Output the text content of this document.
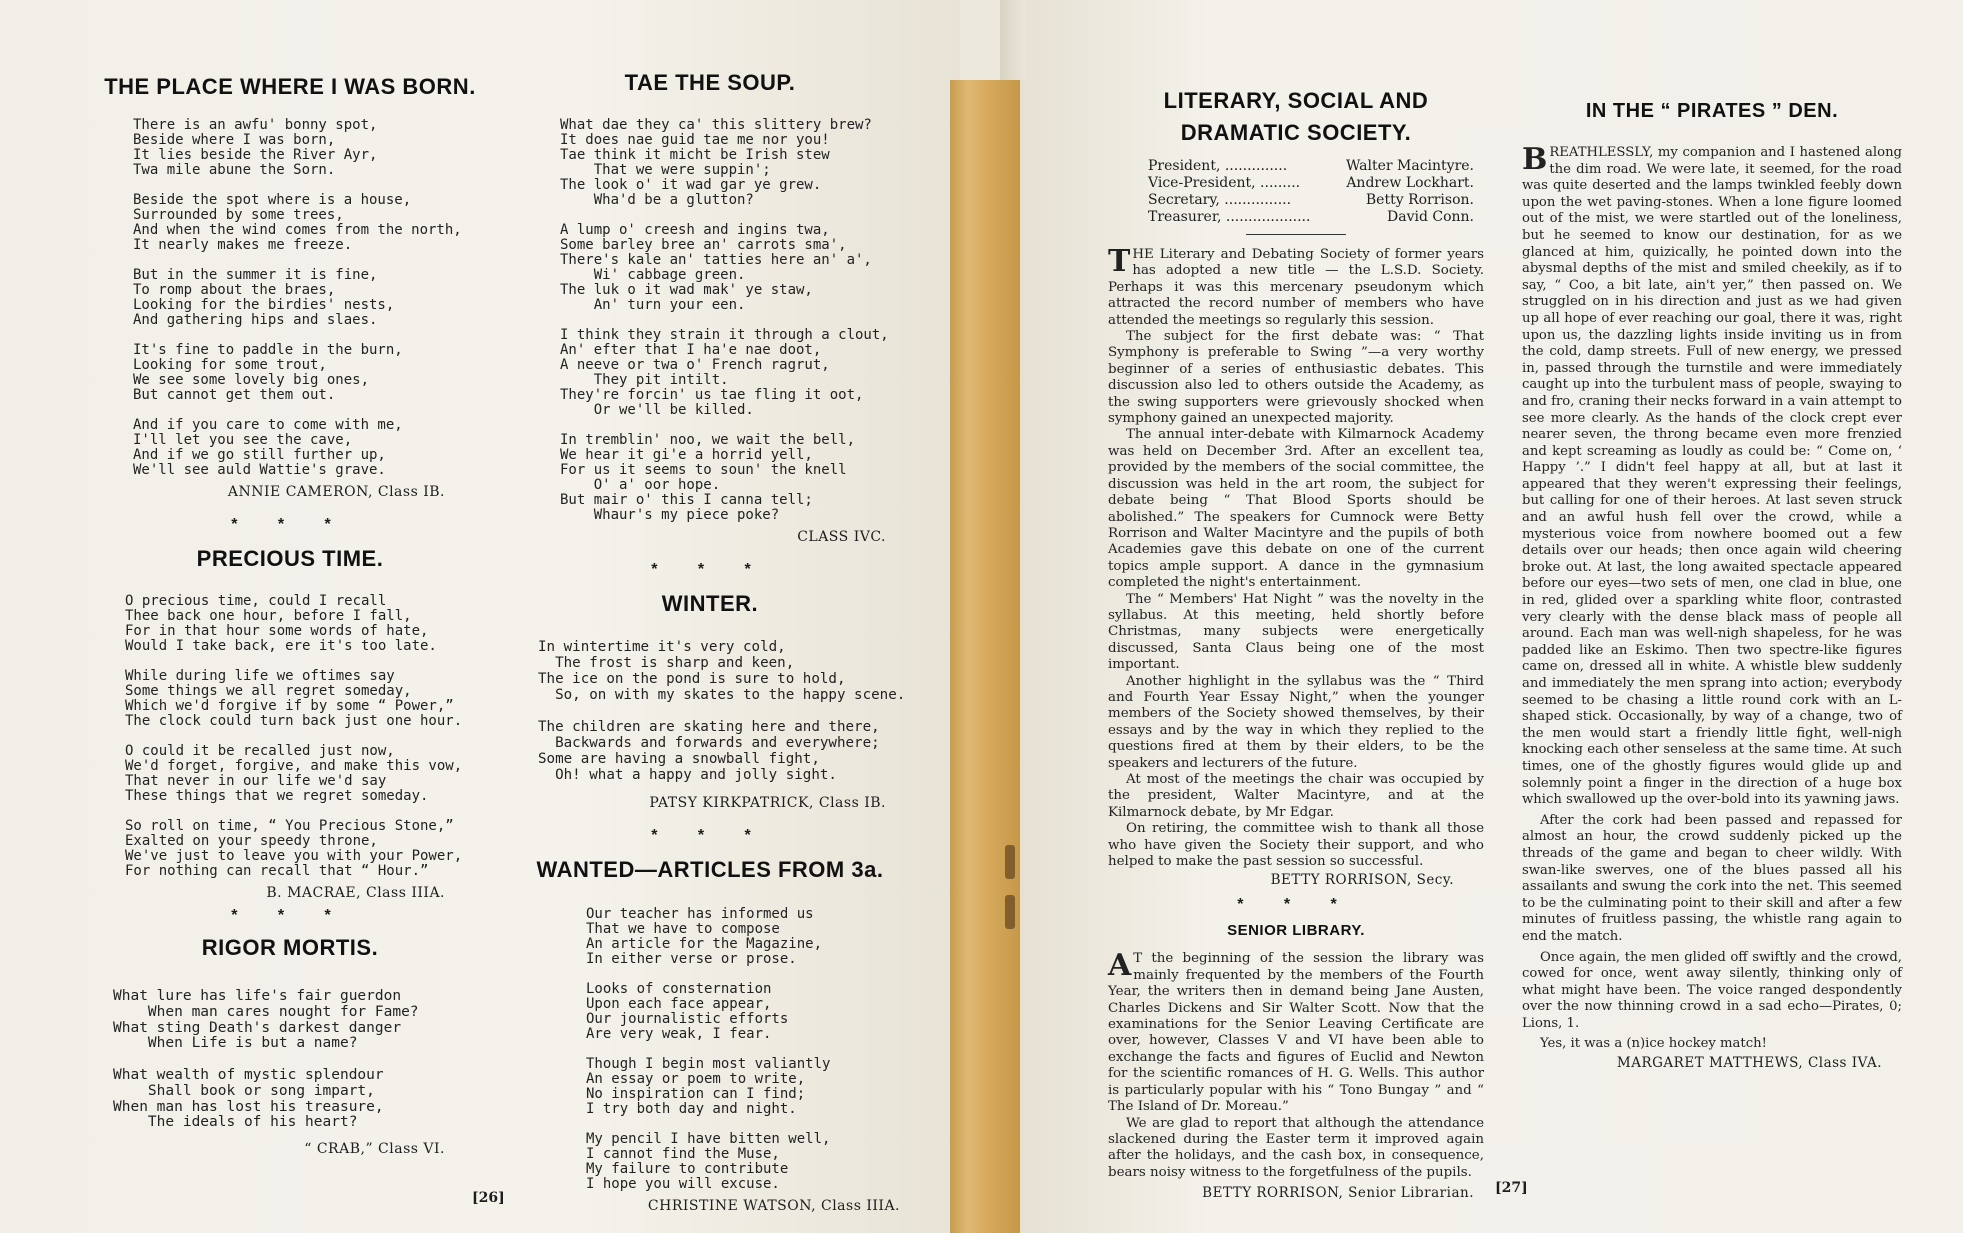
THE PLACE WHERE I WAS BORN.
There is an awfu' bonny spot,
Beside where I was born,
It lies beside the River Ayr,
Twa mile abune the Sorn.

Beside the spot where is a house,
Surrounded by some trees,
And when the wind comes from the north,
It nearly makes me freeze.

But in the summer it is fine,
To romp about the braes,
Looking for the birdies' nests,
And gathering hips and slaes.

It's fine to paddle in the burn,
Looking for some trout,
We see some lovely big ones,
But cannot get them out.

And if you care to come with me,
I'll let you see the cave,
And if we go still further up,
We'll see auld Wattie's grave.
ANNIE CAMERON, Class IB.
* * *
PRECIOUS TIME.
O precious time, could I recall
Thee back one hour, before I fall,
For in that hour some words of hate,
Would I take back, ere it's too late.

While during life we oftimes say
Some things we all regret someday,
Which we'd forgive if by some “ Power,”
The clock could turn back just one hour.

O could it be recalled just now,
We'd forget, forgive, and make this vow,
That never in our life we'd say
These things that we regret someday.

So roll on time, “ You Precious Stone,”
Exalted on your speedy throne,
We've just to leave you with your Power,
For nothing can recall that “ Hour.”
B. MACRAE, Class IIIA.
* * *
RIGOR MORTIS.
What lure has life's fair guerdon
When man cares nought for Fame?
What sting Death's darkest danger
When Life is but a name?

What wealth of mystic splendour
Shall book or song impart,
When man has lost his treasure,
The ideals of his heart?
“ CRAB,” Class VI.
TAE THE SOUP.
What dae they ca' this slittery brew?
It does nae guid tae me nor you!
Tae think it micht be Irish stew
That we were suppin';
The look o' it wad gar ye grew.
Wha'd be a glutton?

A lump o' creesh and ingins twa,
Some barley bree an' carrots sma',
There's kale an' tatties here an' a',
Wi' cabbage green.
The luk o it wad mak' ye staw,
An' turn your een.

I think they strain it through a clout,
An' efter that I ha'e nae doot,
A neeve or twa o' French ragrut,
They pit intilt.
They're forcin' us tae fling it oot,
Or we'll be killed.

In tremblin' noo, we wait the bell,
We hear it gi'e a horrid yell,
For us it seems to soun' the knell
O' a' oor hope.
But mair o' this I canna tell;
Whaur's my piece poke?
CLASS IVC.
* * *
WINTER.
In wintertime it's very cold,
The frost is sharp and keen,
The ice on the pond is sure to hold,
So, on with my skates to the happy scene.

The children are skating here and there,
Backwards and forwards and everywhere;
Some are having a snowball fight,
Oh! what a happy and jolly sight.
PATSY KIRKPATRICK, Class IB.
* * *
WANTED—ARTICLES FROM 3a.
Our teacher has informed us
That we have to compose
An article for the Magazine,
In either verse or prose.

Looks of consternation
Upon each face appear,
Our journalistic efforts
Are very weak, I fear.

Though I begin most valiantly
An essay or poem to write,
No inspiration can I find;
I try both day and night.

My pencil I have bitten well,
I cannot find the Muse,
My failure to contribute
I hope you will excuse.
CHRISTINE WATSON, Class IIIA.
[26]
LITERARY, SOCIAL AND
DRAMATIC SOCIETY.
President, ..............	Walter Macintyre.
Vice-President, .........	Andrew Lockhart.
Secretary, ...............	Betty Rorrison.
Treasurer, ...................	David Conn.

THE Literary and Debating Society of former years has adopted a new title — the L.S.D. Society. Perhaps it was this mercenary pseudonym which attracted the record number of members who have attended the meetings so regularly this session.

The subject for the first debate was: “ That Symphony is preferable to Swing ”—a very worthy beginner of a series of enthusiastic debates. This discussion also led to others outside the Academy, as the swing supporters were grievously shocked when symphony gained an unexpected majority.

The annual inter-debate with Kilmarnock Academy was held on December 3rd. After an excellent tea, provided by the members of the social committee, the discussion was held in the art room, the subject for debate being “ That Blood Sports should be abolished.” The speakers for Cumnock were Betty Rorrison and Walter Macintyre and the pupils of both Academies gave this debate on one of the current topics ample support. A dance in the gymnasium completed the night's entertainment.

The “ Members' Hat Night ” was the novelty in the syllabus. At this meeting, held shortly before Christmas, many subjects were energetically discussed, Santa Claus being one of the most important.

Another highlight in the syllabus was the “ Third and Fourth Year Essay Night,” when the younger members of the Society showed themselves, by their essays and by the way in which they replied to the questions fired at them by their elders, to be the speakers and lecturers of the future.

At most of the meetings the chair was occupied by the president, Walter Macintyre, and at the Kilmarnock debate, by Mr Edgar.

On retiring, the committee wish to thank all those who have given the Society their support, and who helped to make the past session so successful.

BETTY RORRISON, Secy.
* * *
SENIOR LIBRARY.

A T the beginning of the session the library was mainly frequented by the members of the Fourth Year, the writers then in demand being Jane Austen, Charles Dickens and Sir Walter Scott. Now that the examinations for the Senior Leaving Certificate are over, however, Classes V and VI have been able to exchange the facts and figures of Euclid and Newton for the scientific romances of H. G. Wells. This author is particularly popular with his “ Tono Bungay ” and “ The Island of Dr. Moreau.”

We are glad to report that although the attendance slackened during the Easter term it improved again after the holidays, and the cash box, in consequence, bears noisy witness to the forgetfulness of the pupils.

BETTY RORRISON, Senior Librarian. [27]
IN THE “ PIRATES ” DEN.

BREATHLESSLY, my companion and I hastened along the dim road. We were late, it seemed, for the road was quite deserted and the lamps twinkled feebly down upon the wet paving-stones. When a lone figure loomed out of the mist, we were startled out of the loneliness, but he seemed to know our destination, for as we glanced at him, quizically, he pointed down into the abysmal depths of the mist and smiled cheekily, as if to say, “ Coo, a bit late, ain't yer,” then passed on. We struggled on in his direction and just as we had given up all hope of ever reaching our goal, there it was, right upon us, the dazzling lights inside inviting us in from the cold, damp streets. Full of new energy, we pressed in, passed through the turnstile and were immediately caught up into the turbulent mass of people, swaying to and fro, craning their necks forward in a vain attempt to see more clearly. As the hands of the clock crept ever nearer seven, the throng became even more frenzied and kept screaming as loudly as could be: “ Come on, ‘ Happy ’.” I didn't feel happy at all, but at last it appeared that they weren't expressing their feelings, but calling for one of their heroes. At last seven struck and an awful hush fell over the crowd, while a mysterious voice from nowhere boomed out a few details over our heads; then once again wild cheering broke out. At last, the long awaited spectacle appeared before our eyes—two sets of men, one clad in blue, one in red, glided over a sparkling white floor, contrasted very clearly with the dense black mass of people all around. Each man was well-nigh shapeless, for he was padded like an Eskimo. Then two spectre-like figures came on, dressed all in white. A whistle blew suddenly and immediately the men sprang into action; everybody seemed to be chasing a little round cork with an L-shaped stick. Occasionally, by way of a change, two of the men would start a friendly little fight, well-nigh knocking each other senseless at the same time. At such times, one of the ghostly figures would glide up and solemnly point a finger in the direction of a huge box which swallowed up the over-bold into its yawning jaws.

After the cork had been passed and repassed for almost an hour, the crowd suddenly picked up the threads of the game and began to cheer wildly. With swan-like swerves, one of the blues passed all his assailants and swung the cork into the net. This seemed to be the culminating point to their skill and after a few minutes of fruitless passing, the whistle rang again to end the match.

Once again, the men glided off swiftly and the crowd, cowed for once, went away silently, thinking only of what might have been. The voice ranged despondently over the now thinning crowd in a sad echo—Pirates, 0; Lions, 1.

Yes, it was a (n)ice hockey match!

MARGARET MATTHEWS, Class IVA.
